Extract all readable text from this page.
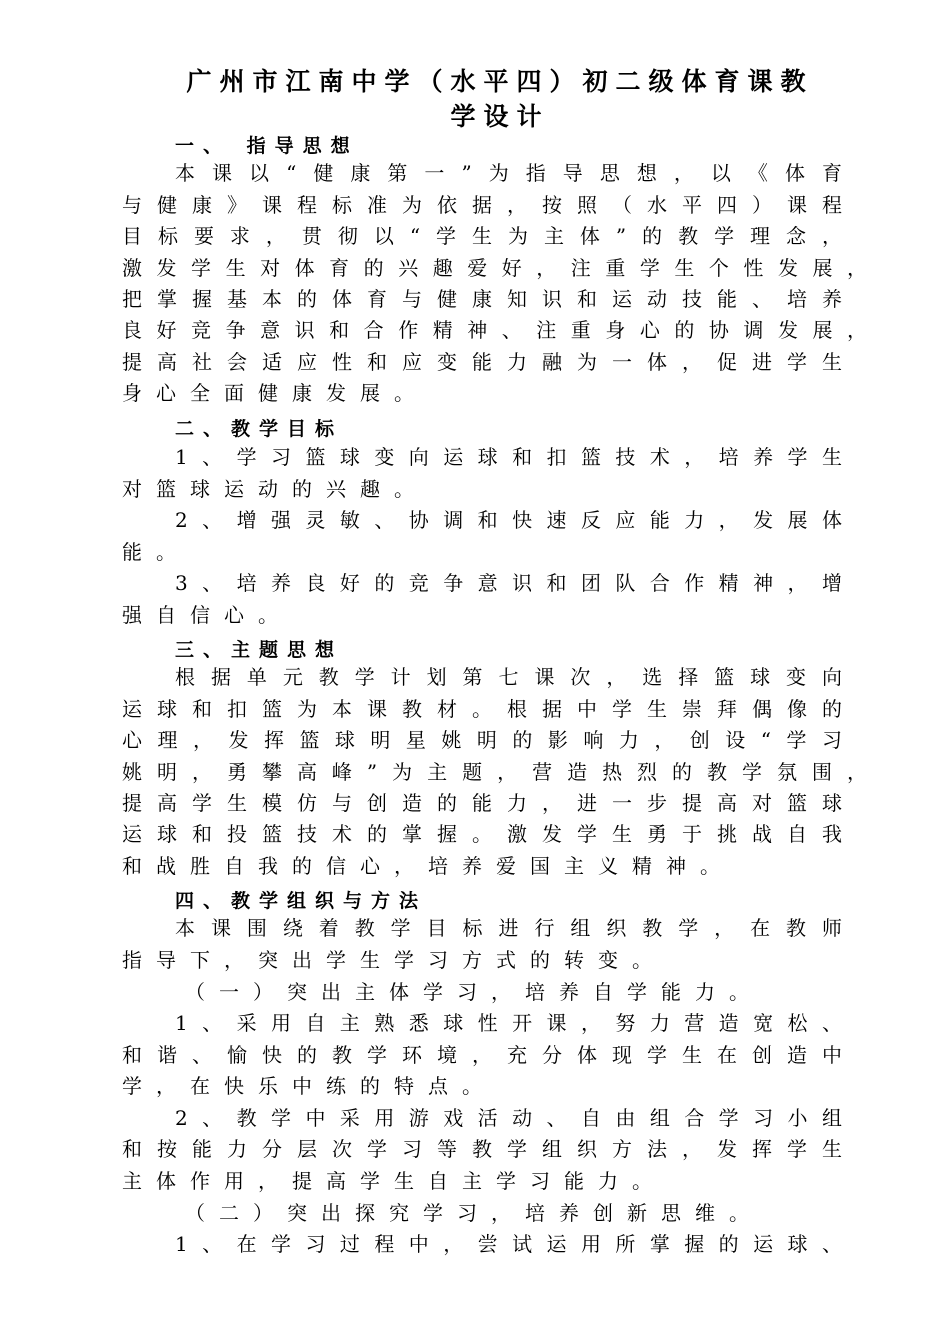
广州市江南中学（水平四）初二级体育课教
学设计
一、 指导思想
本课以“健康第一”为指导思想，以《体育
与健康》课程标准为依据，按照（水平四）课程
目标要求，贯彻以“学生为主体”的教学理念，
激发学生对体育的兴趣爱好，注重学生个性发展，
把掌握基本的体育与健康知识和运动技能、培养
良好竞争意识和合作精神、注重身心的协调发展，
提高社会适应性和应变能力融为一体，促进学生
身心全面健康发展。
二、教学目标
1、学习篮球变向运球和扣篮技术，培养学生
对篮球运动的兴趣。
2、增强灵敏、协调和快速反应能力，发展体
能。
3、培养良好的竞争意识和团队合作精神，增
强自信心。
三、主题思想
根据单元教学计划第七课次，选择篮球变向
运球和扣篮为本课教材。根据中学生崇拜偶像的
心理，发挥篮球明星姚明的影响力，创设“学习
姚明，勇攀高峰”为主题，营造热烈的教学氛围，
提高学生模仿与创造的能力，进一步提高对篮球
运球和投篮技术的掌握。激发学生勇于挑战自我
和战胜自我的信心，培养爱国主义精神。
四、教学组织与方法
本课围绕着教学目标进行组织教学，在教师
指导下，突出学生学习方式的转变。
（一）突出主体学习，培养自学能力。
1、采用自主熟悉球性开课，努力营造宽松、
和谐、愉快的教学环境，充分体现学生在创造中
学，在快乐中练的特点。
2、教学中采用游戏活动、自由组合学习小组
和按能力分层次学习等教学组织方法，发挥学生
主体作用，提高学生自主学习能力。
（二）突出探究学习，培养创新思维。
1、在学习过程中，尝试运用所掌握的运球、
